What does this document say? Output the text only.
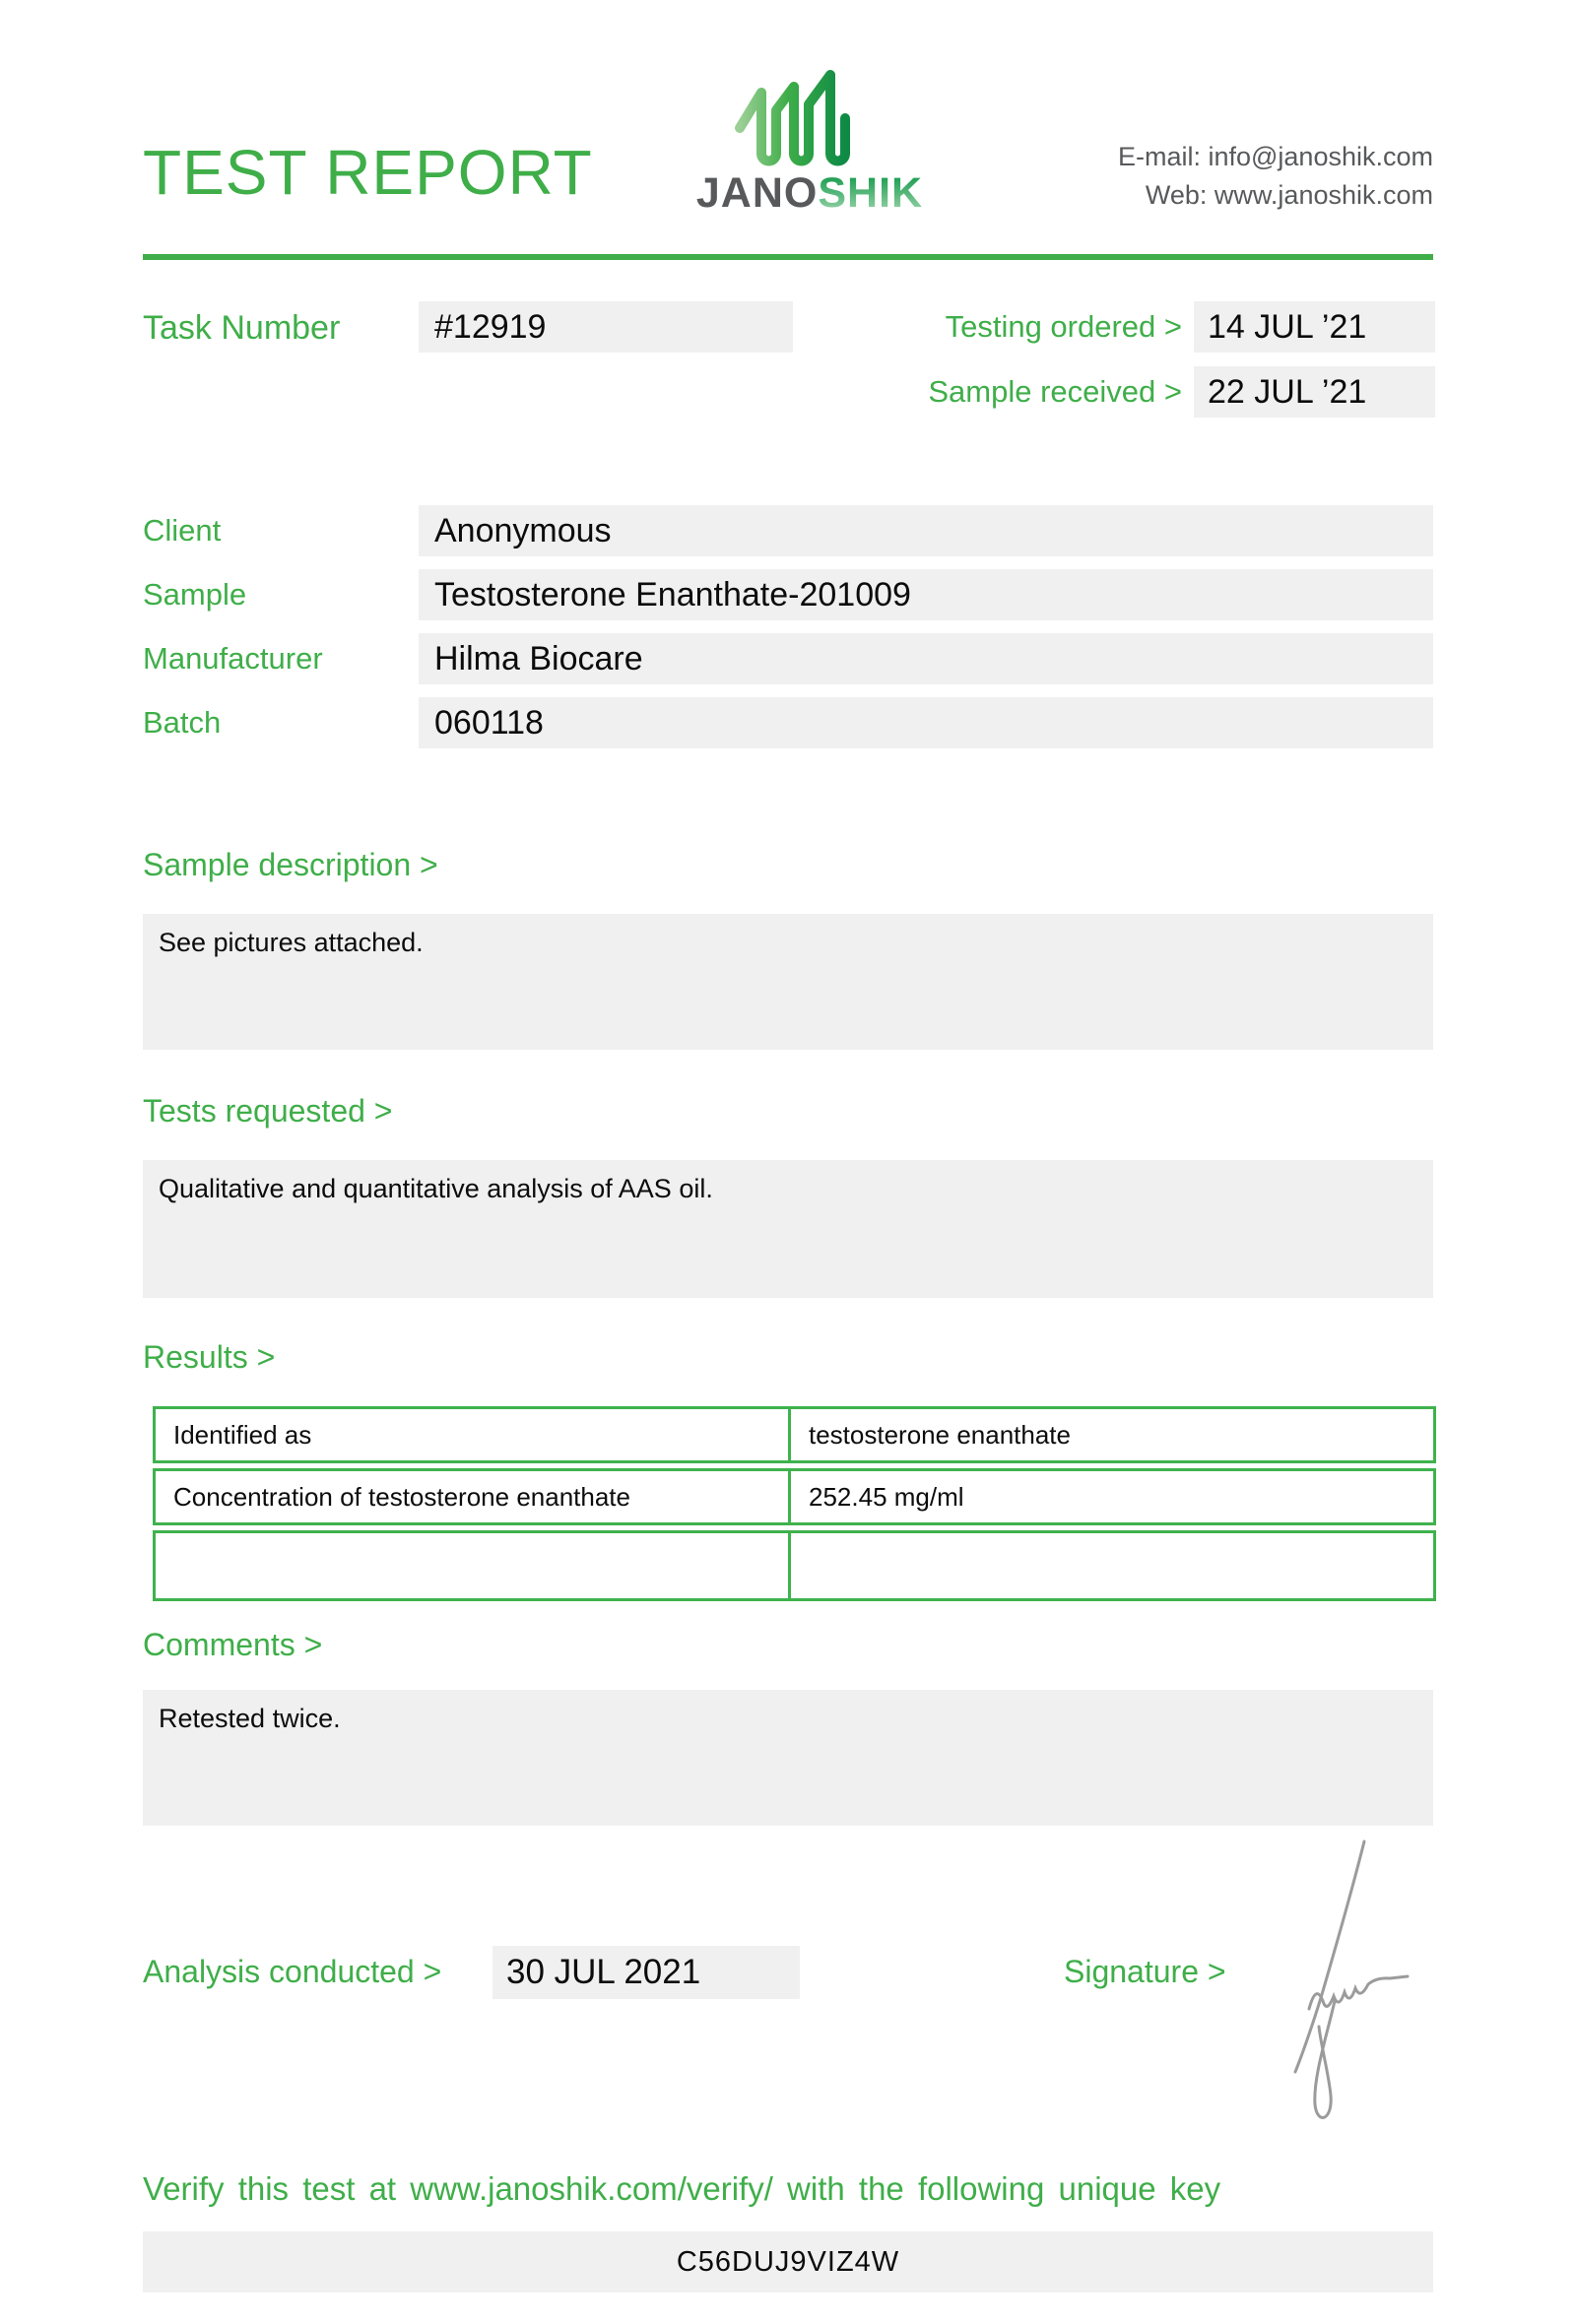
TEST REPORT	JANOSHIK
E-mail: info@janoshik.com
Web: www.janoshik.com
Task Number	#12919	Testing ordered > 14 JUL ’21
Sample received > 22 JUL ’21
Client	Anonymous
Sample	Testosterone Enanthate-201009
Manufacturer	Hilma Biocare
Batch	060118
Sample description >
See pictures attached.
Tests requested >
Qualitative and quantitative analysis of AAS oil.
Results >
Identified as	testosterone enanthate
Concentration of testosterone enanthate	252.45 mg/ml
Comments >
Retested twice.
Analysis conducted >	30 JUL 2021	Signature >
Verify this test at www.janoshik.com/verify/ with the following unique key
C56DUJ9VIZ4W
